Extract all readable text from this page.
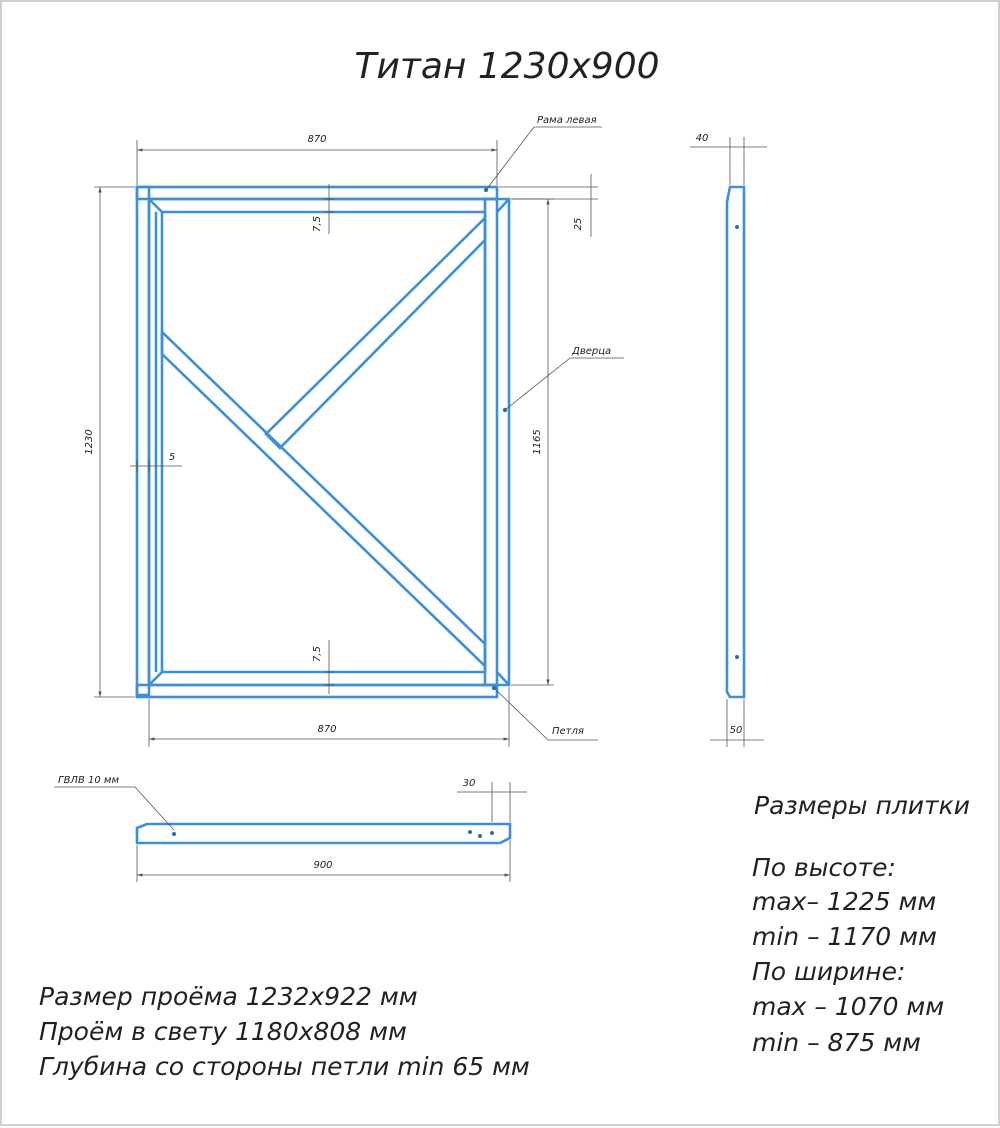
Титан 1230х900
870
1230	1165
7,5
7,5
25
5
870
Рама левая
Дверца
Петля
40
50
ГВЛВ 10 мм	30
900
Размеры плитки
По высоте:
max– 1225 мм
min – 1170 мм
По ширине:
max – 1070 мм
min – 875 мм
Размер проёма 1232х922 мм
Проём в свету 1180х808 мм
Глубина со стороны петли min 65 мм
